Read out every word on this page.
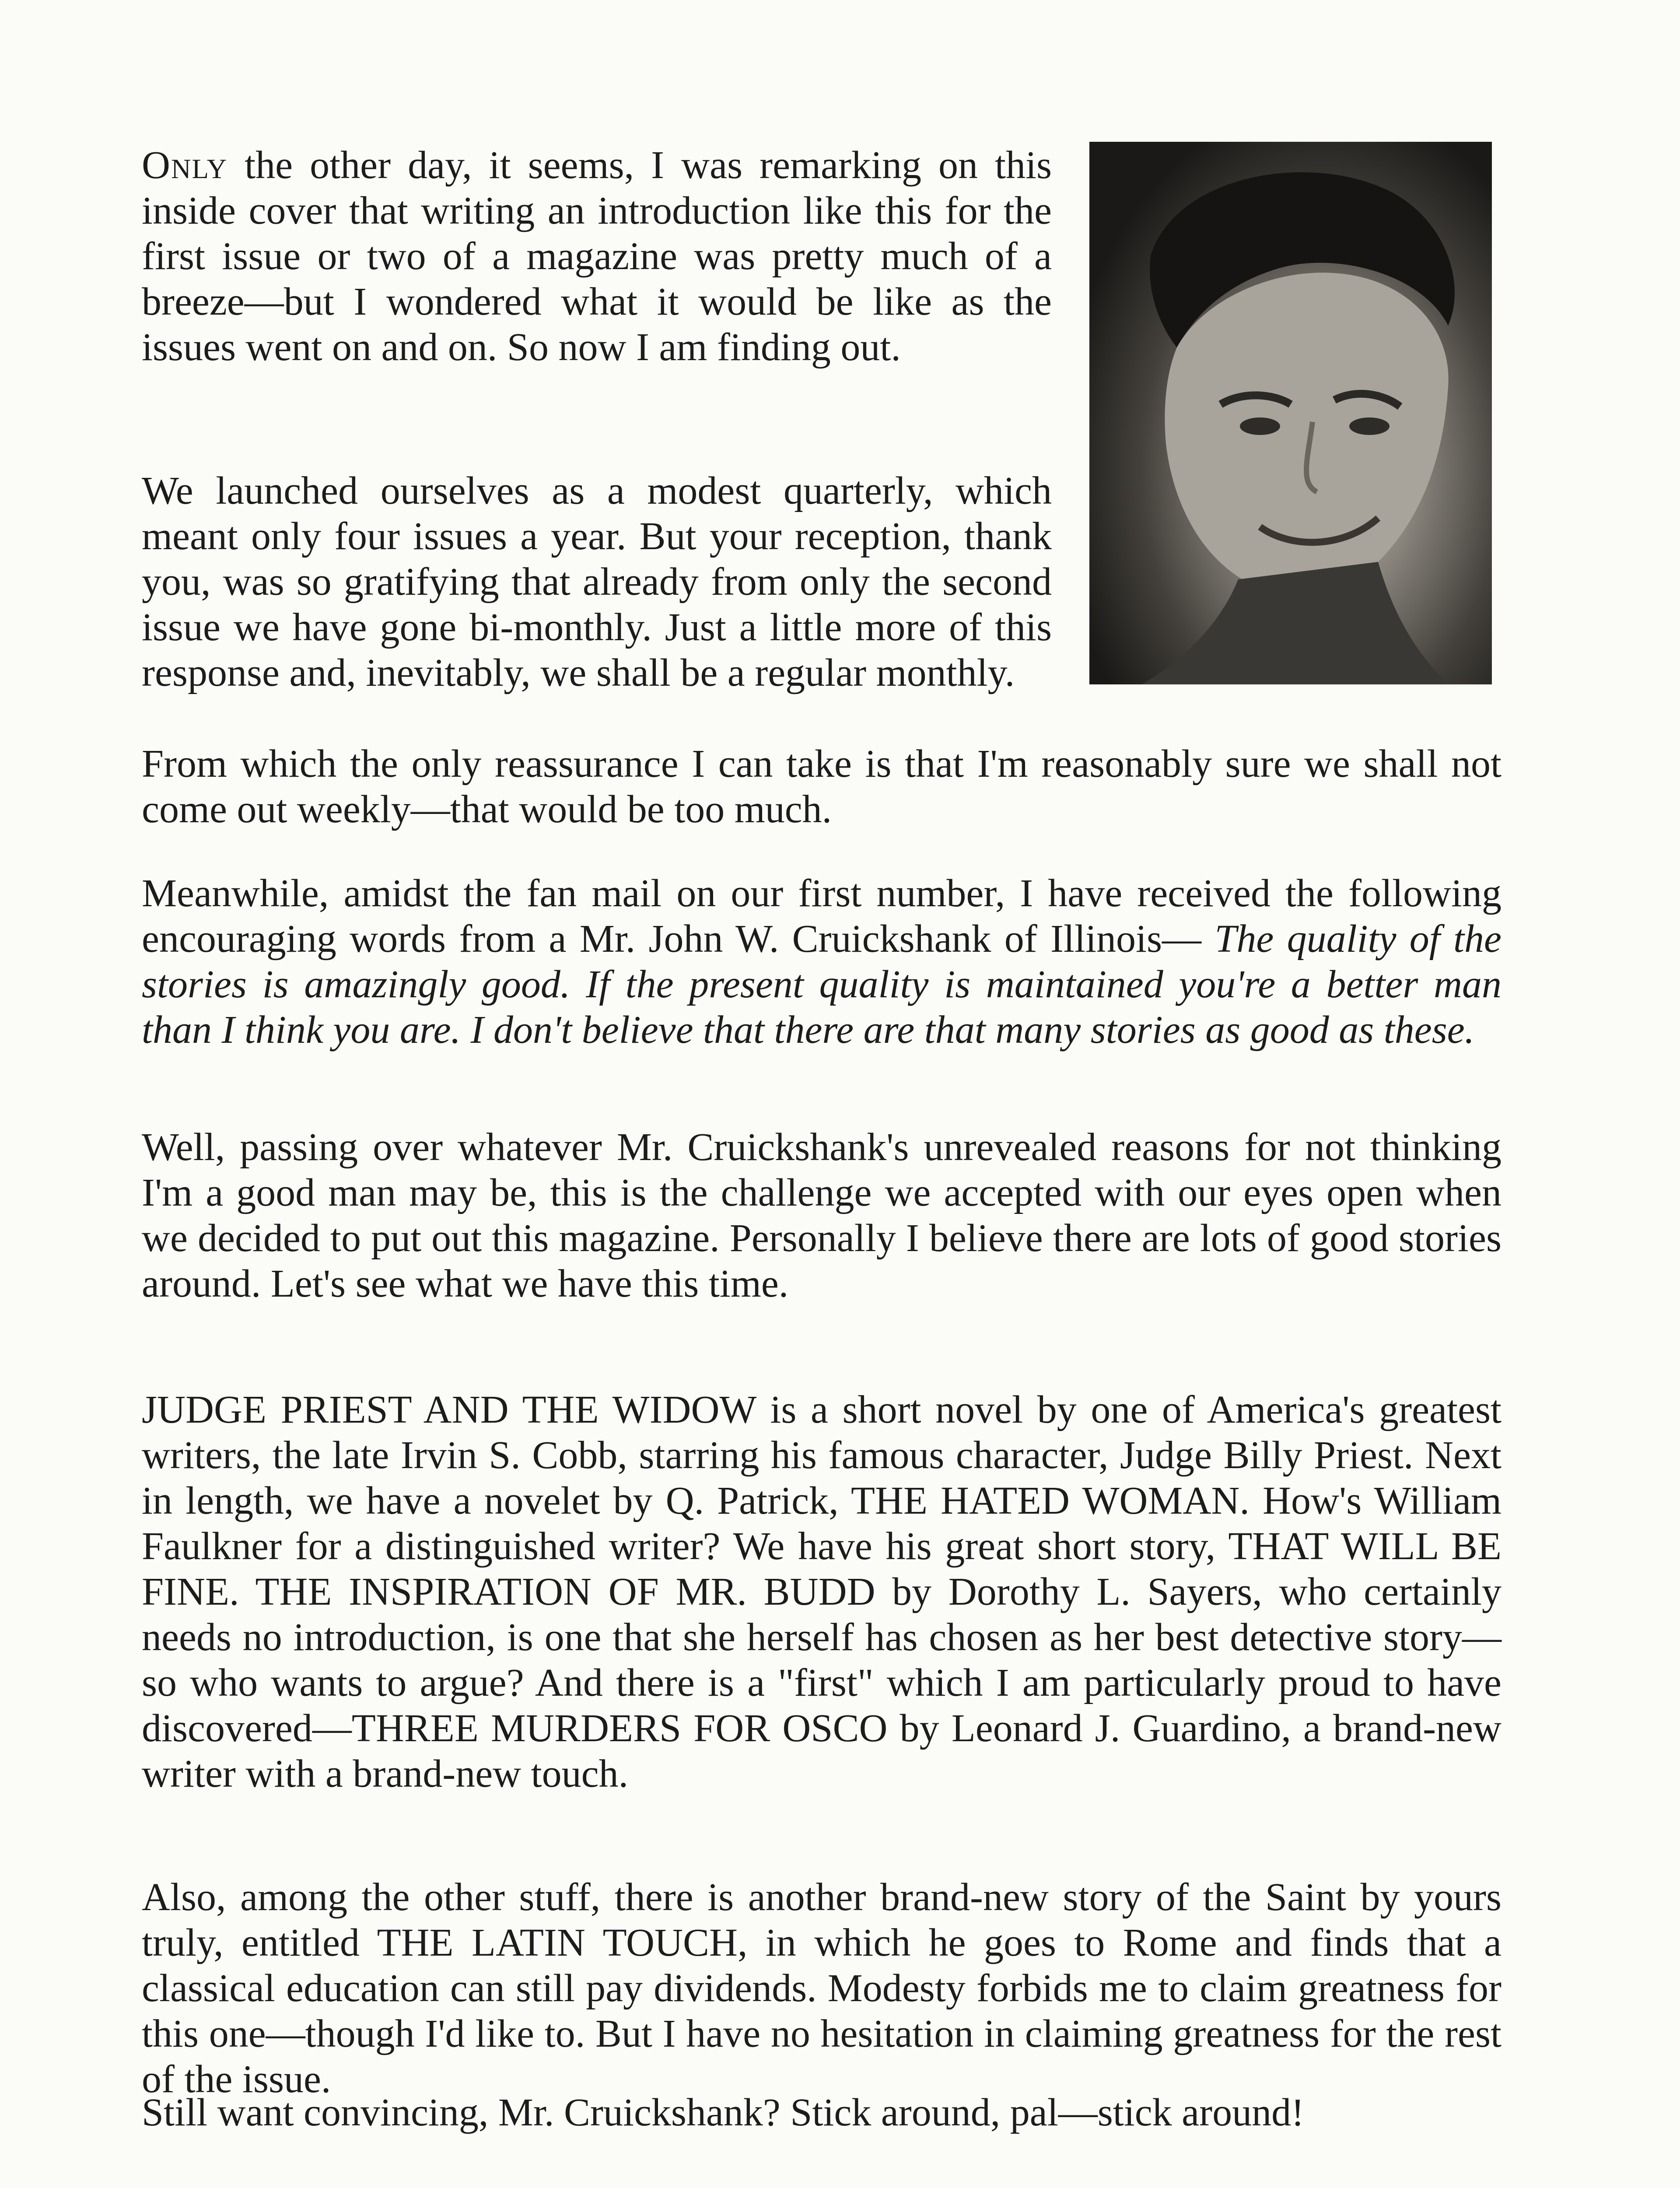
Only the other day, it seems, I was remarking on this inside cover that writing an introduction like this for the first issue or two of a magazine was pretty much of a breeze—but I wondered what it would be like as the issues went on and on. So now I am finding out.

We launched ourselves as a modest quarterly, which meant only four issues a year. But your reception, thank you, was so gratifying that already from only the second issue we have gone bi-monthly. Just a little more of this response and, inevitably, we shall be a regular monthly.

From which the only reassurance I can take is that I'm reasonably sure we shall not come out weekly—that would be too much.

Meanwhile, amidst the fan mail on our first number, I have received the following encouraging words from a Mr. John W. Cruickshank of Illinois— The quality of the stories is amazingly good. If the present quality is maintained you're a better man than I think you are. I don't believe that there are that many stories as good as these.

Well, passing over whatever Mr. Cruickshank's unrevealed reasons for not thinking I'm a good man may be, this is the challenge we accepted with our eyes open when we decided to put out this magazine. Personally I believe there are lots of good stories around. Let's see what we have this time.

JUDGE PRIEST AND THE WIDOW is a short novel by one of America's greatest writers, the late Irvin S. Cobb, starring his famous character, Judge Billy Priest. Next in length, we have a novelet by Q. Patrick, THE HATED WOMAN. How's William Faulkner for a distinguished writer? We have his great short story, THAT WILL BE FINE. THE INSPIRATION OF MR. BUDD by Dorothy L. Sayers, who certainly needs no introduction, is one that she herself has chosen as her best detective story—so who wants to argue? And there is a "first" which I am particularly proud to have discovered—THREE MURDERS FOR OSCO by Leonard J. Guardino, a brand-new writer with a brand-new touch.

Also, among the other stuff, there is another brand-new story of the Saint by yours truly, entitled THE LATIN TOUCH, in which he goes to Rome and finds that a classical education can still pay dividends. Modesty forbids me to claim greatness for this one—though I'd like to. But I have no hesitation in claiming greatness for the rest of the issue.

Still want convincing, Mr. Cruickshank? Stick around, pal—stick around!
